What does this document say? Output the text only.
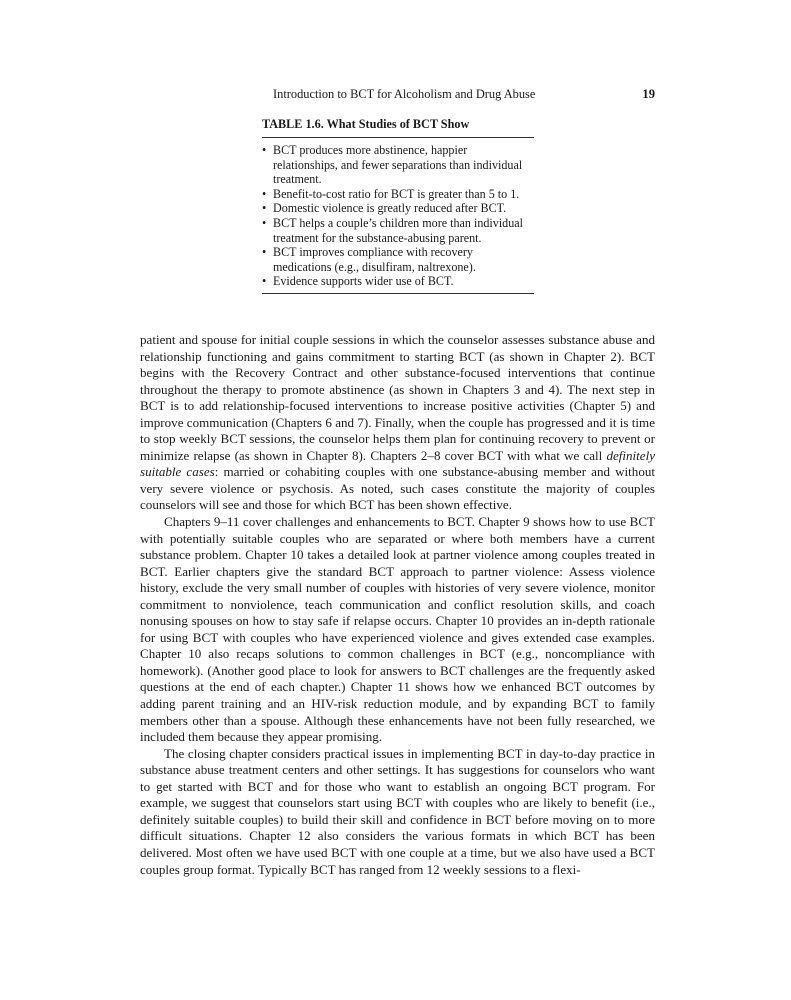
Introduction to BCT for Alcoholism and Drug Abuse	19
TABLE 1.6. What Studies of BCT Show
• BCT produces more abstinence, happier relationships, and fewer separations than individual treatment.
• Benefit-to-cost ratio for BCT is greater than 5 to 1.
• Domestic violence is greatly reduced after BCT.
• BCT helps a couple’s children more than individual treatment for the substance-abusing parent.
• BCT improves compliance with recovery medications (e.g., disulfiram, naltrexone).
• Evidence supports wider use of BCT.

patient and spouse for initial couple sessions in which the counselor assesses substance abuse and relationship functioning and gains commitment to starting BCT (as shown in Chapter 2). BCT begins with the Recovery Contract and other substance-focused interventions that continue throughout the therapy to promote abstinence (as shown in Chapters 3 and 4). The next step in BCT is to add relationship-focused interventions to increase positive activities (Chapter 5) and improve communication (Chapters 6 and 7). Finally, when the couple has progressed and it is time to stop weekly BCT sessions, the counselor helps them plan for continuing recovery to prevent or minimize relapse (as shown in Chapter 8). Chapters 2–8 cover BCT with what we call definitely suitable cases: married or cohabiting couples with one substance-abusing member and without very severe violence or psychosis. As noted, such cases constitute the majority of couples counselors will see and those for which BCT has been shown effective.

Chapters 9–11 cover challenges and enhancements to BCT. Chapter 9 shows how to use BCT with potentially suitable couples who are separated or where both members have a current substance problem. Chapter 10 takes a detailed look at partner violence among couples treated in BCT. Earlier chapters give the standard BCT approach to partner violence: Assess violence history, exclude the very small number of couples with histories of very severe violence, monitor commitment to nonviolence, teach communication and conflict resolution skills, and coach nonusing spouses on how to stay safe if relapse occurs. Chapter 10 provides an in-depth rationale for using BCT with couples who have experienced violence and gives extended case examples. Chapter 10 also recaps solutions to common challenges in BCT (e.g., noncompliance with homework). (Another good place to look for answers to BCT challenges are the frequently asked questions at the end of each chapter.) Chapter 11 shows how we enhanced BCT outcomes by adding parent training and an HIV-risk reduction module, and by expanding BCT to family members other than a spouse. Although these enhancements have not been fully researched, we included them because they appear promising.

The closing chapter considers practical issues in implementing BCT in day-to-day practice in substance abuse treatment centers and other settings. It has suggestions for counselors who want to get started with BCT and for those who want to establish an ongoing BCT program. For example, we suggest that counselors start using BCT with couples who are likely to benefit (i.e., definitely suitable couples) to build their skill and confidence in BCT before moving on to more difficult situations. Chapter 12 also considers the various formats in which BCT has been delivered. Most often we have used BCT with one couple at a time, but we also have used a BCT couples group format. Typically BCT has ranged from 12 weekly sessions to a flexi-
